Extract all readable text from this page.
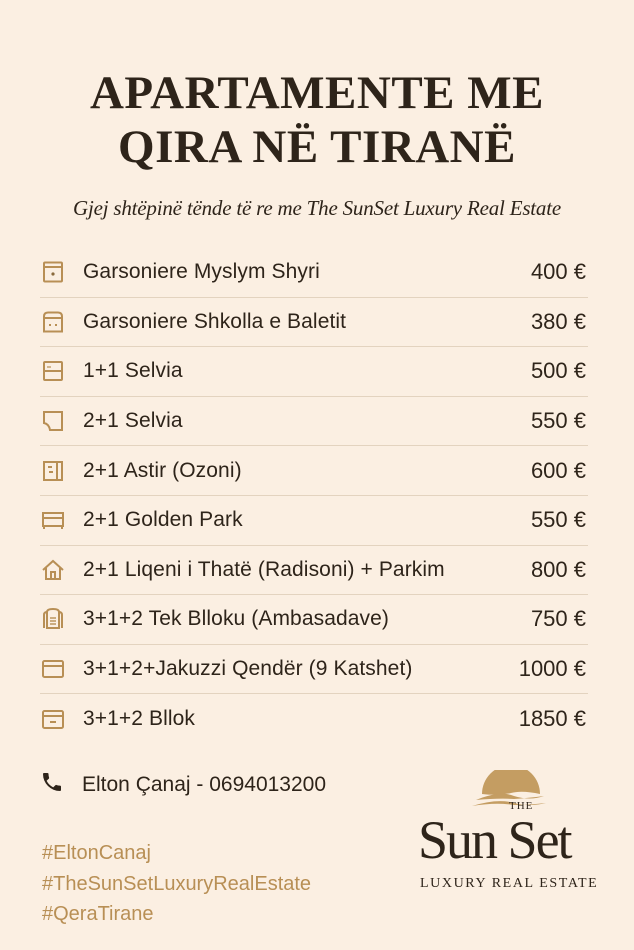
APARTAMENTE ME
QIRA NË TIRANË
Gjej shtëpinë tënde të re me The SunSet Luxury Real Estate
Garsoniere Myslym Shyri	400 €
Garsoniere Shkolla e Baletit	380 €
1+1 Selvia	500 €
2+1 Selvia	550 €
2+1 Astir (Ozoni)	600 €
2+1 Golden Park	550 €
2+1 Liqeni i Thatë (Radisoni) + Parkim	800 €
3+1+2 Tek Blloku (Ambasadave)	750 €
3+1+2+Jakuzzi Qendër (9 Katshet)	1000 €
3+1+2 Bllok	1850 €
Elton Çanaj - 0694013200
#EltonCanaj
#TheSunSetLuxuryRealEstate
#QeraTirane
THE
Sun Set
LUXURY REAL ESTATE
